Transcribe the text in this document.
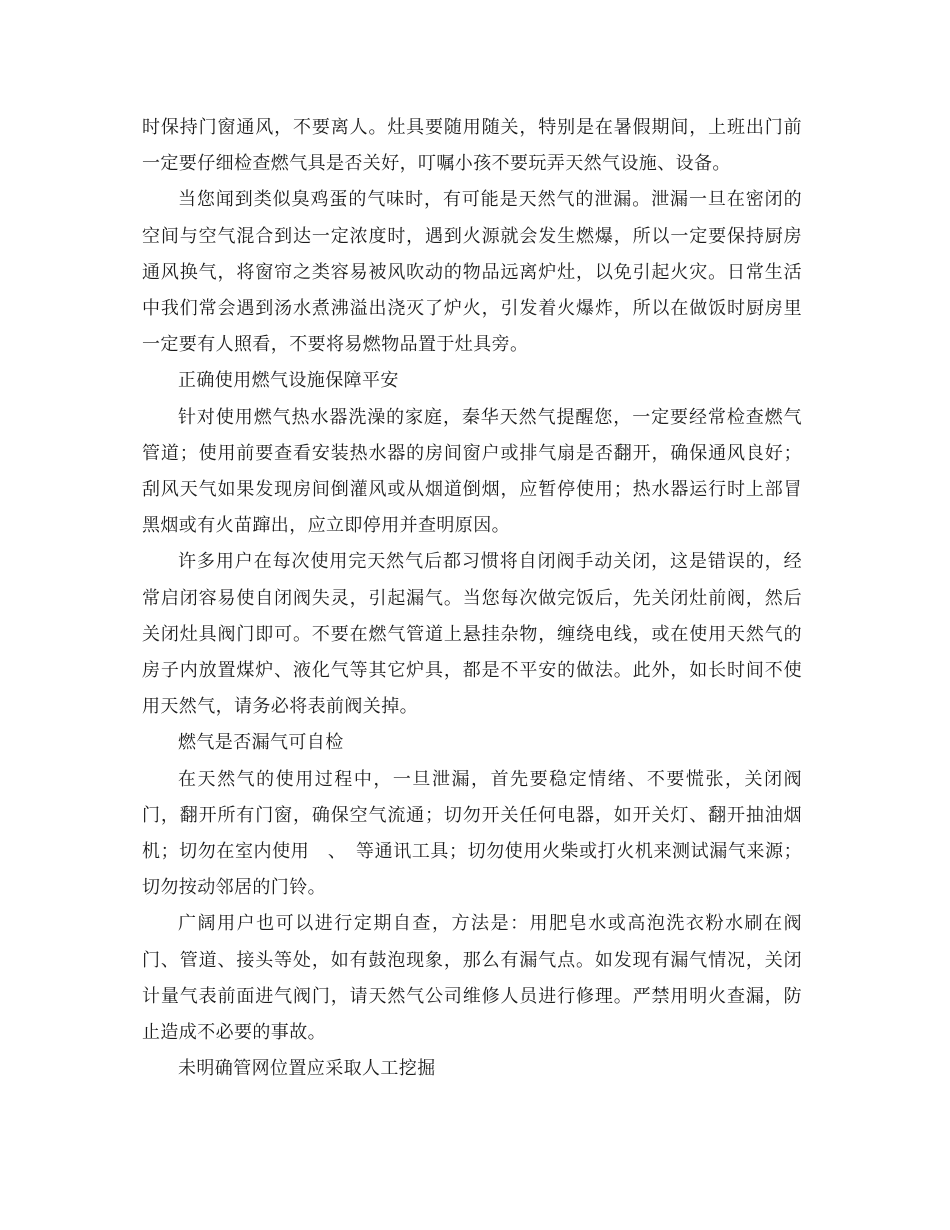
时保持门窗通风，不要离人。灶具要随用随关，特别是在暑假期间，上班出门前一定要仔细检查燃气具是否关好，叮嘱小孩不要玩弄天然气设施、设备。

当您闻到类似臭鸡蛋的气味时，有可能是天然气的泄漏。泄漏一旦在密闭的空间与空气混合到达一定浓度时，遇到火源就会发生燃爆，所以一定要保持厨房通风换气，将窗帘之类容易被风吹动的物品远离炉灶，以免引起火灾。日常生活中我们常会遇到汤水煮沸溢出浇灭了炉火，引发着火爆炸，所以在做饭时厨房里一定要有人照看，不要将易燃物品置于灶具旁。

正确使用燃气设施保障平安

针对使用燃气热水器洗澡的家庭，秦华天然气提醒您，一定要经常检查燃气管道；使用前要查看安装热水器的房间窗户或排气扇是否翻开，确保通风良好；刮风天气如果发现房间倒灌风或从烟道倒烟，应暂停使用；热水器运行时上部冒黑烟或有火苗蹿出，应立即停用并查明原因。

许多用户在每次使用完天然气后都习惯将自闭阀手动关闭，这是错误的，经常启闭容易使自闭阀失灵，引起漏气。当您每次做完饭后，先关闭灶前阀，然后关闭灶具阀门即可。不要在燃气管道上悬挂杂物，缠绕电线，或在使用天然气的房子内放置煤炉、液化气等其它炉具，都是不平安的做法。此外，如长时间不使用天然气，请务必将表前阀关掉。

燃气是否漏气可自检

在天然气的使用过程中，一旦泄漏，首先要稳定情绪、不要慌张，关闭阀门，翻开所有门窗，确保空气流通；切勿开关任何电器，如开关灯、翻开抽油烟机；切勿在室内使用　、　等通讯工具；切勿使用火柴或打火机来测试漏气来源；切勿按动邻居的门铃。

广阔用户也可以进行定期自查，方法是：用肥皂水或高泡洗衣粉水刷在阀门、管道、接头等处，如有鼓泡现象，那么有漏气点。如发现有漏气情况，关闭计量气表前面进气阀门，请天然气公司维修人员进行修理。严禁用明火查漏，防止造成不必要的事故。

未明确管网位置应采取人工挖掘
